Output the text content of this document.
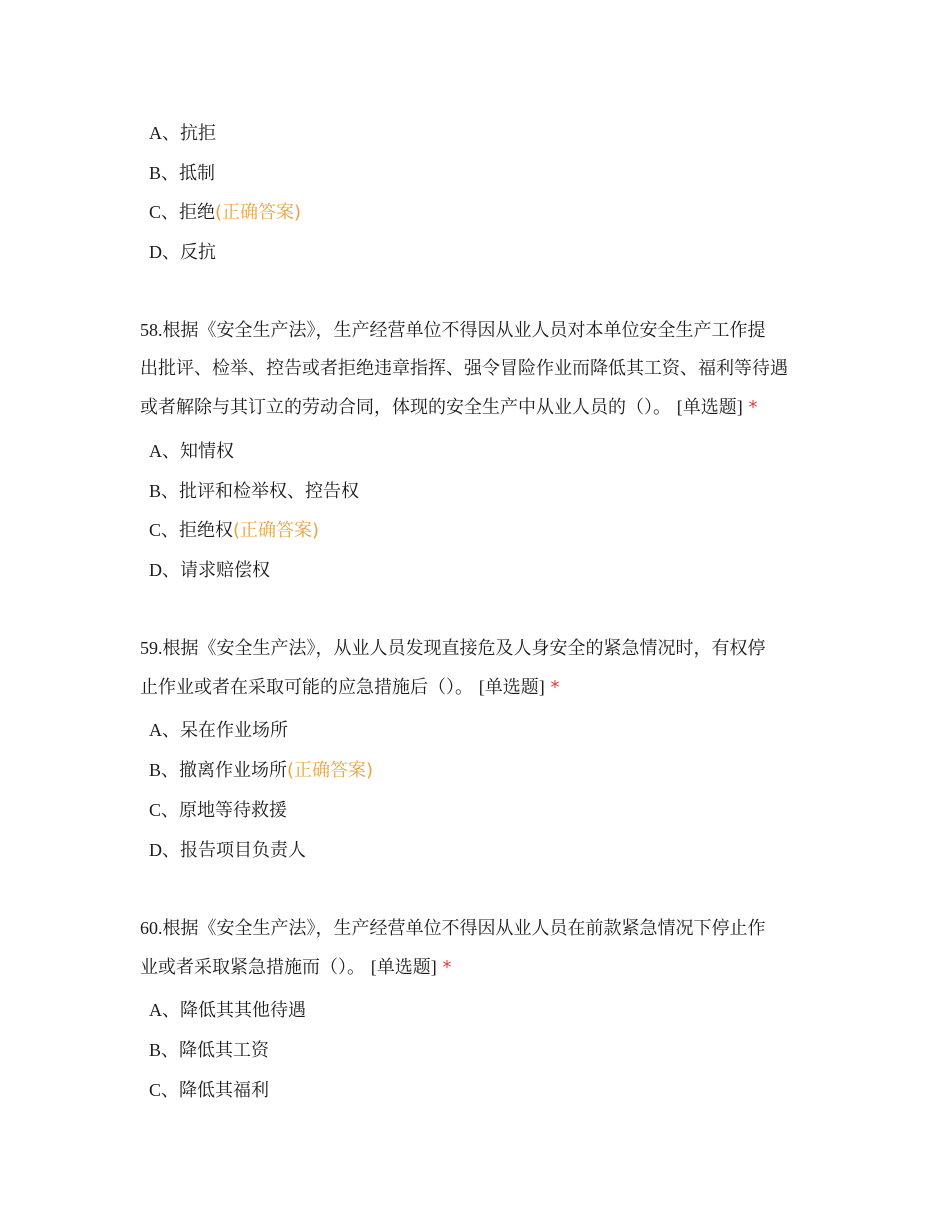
A、抗拒
B、抵制
C、拒绝(正确答案)
D、反抗
58.根据《安全生产法》，生产经营单位不得因从业人员对本单位安全生产工作提
出批评、检举、控告或者拒绝违章指挥、强令冒险作业而降低其工资、福利等待遇
或者解除与其订立的劳动合同，体现的安全生产中从业人员的（）。 [单选题] *
A、知情权
B、批评和检举权、控告权
C、拒绝权(正确答案)
D、请求赔偿权
59.根据《安全生产法》，从业人员发现直接危及人身安全的紧急情况时，有权停
止作业或者在采取可能的应急措施后（）。 [单选题] *
A、呆在作业场所
B、撤离作业场所(正确答案)
C、原地等待救援
D、报告项目负责人
60.根据《安全生产法》，生产经营单位不得因从业人员在前款紧急情况下停止作
业或者采取紧急措施而（）。 [单选题] *
A、降低其其他待遇
B、降低其工资
C、降低其福利
